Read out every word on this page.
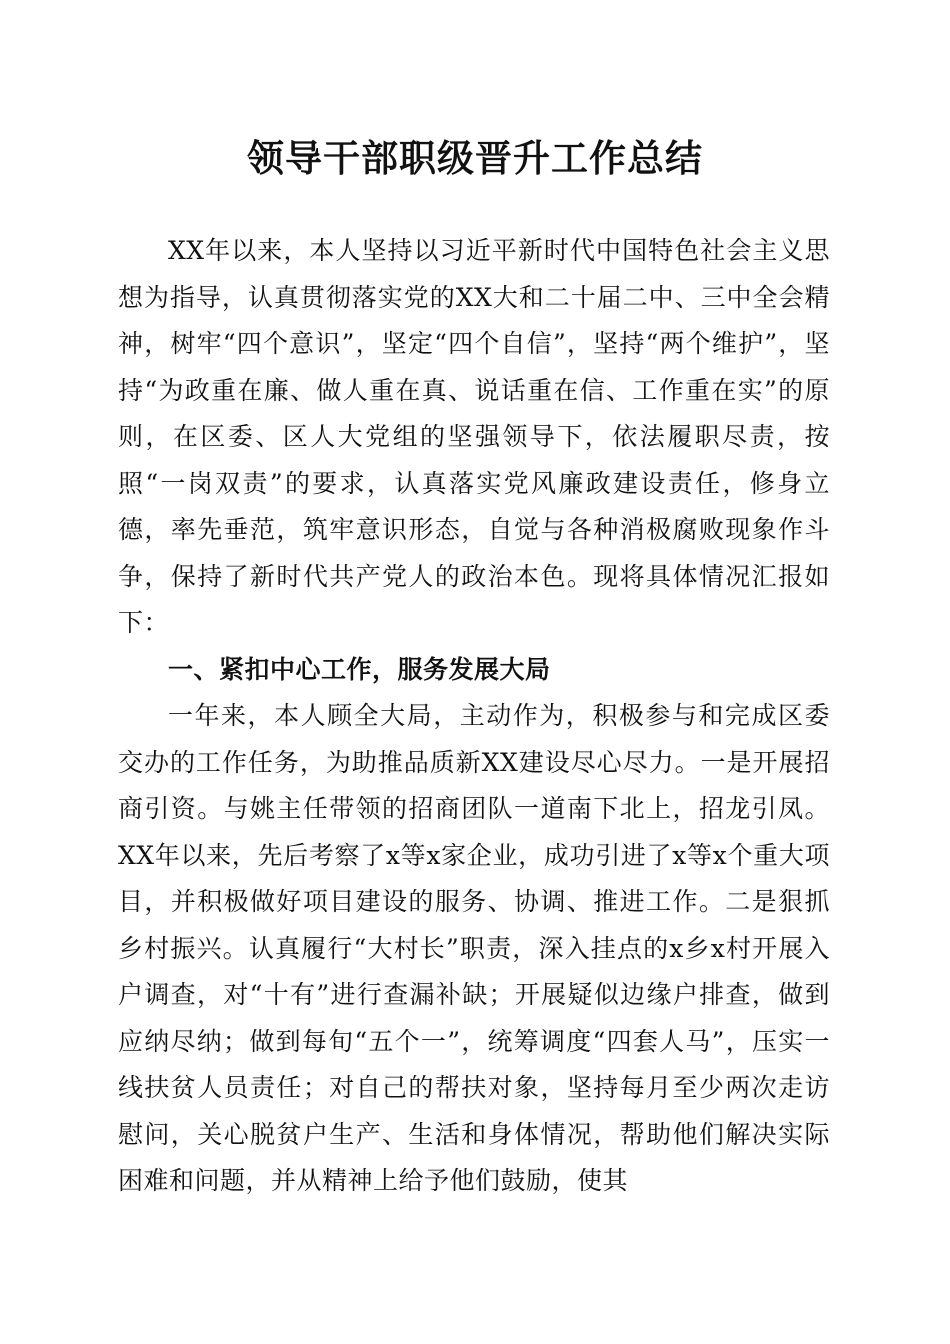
领导干部职级晋升工作总结

XX年以来，本人坚持以习近平新时代中国特色社会主义思想为指导，认真贯彻落实党的XX大和二十届二中、三中全会精神，树牢“四个意识”，坚定“四个自信”，坚持“两个维护”，坚持“为政重在廉、做人重在真、说话重在信、工作重在实”的原则，在区委、区人大党组的坚强领导下，依法履职尽责，按照“一岗双责”的要求，认真落实党风廉政建设责任，修身立德，率先垂范，筑牢意识形态，自觉与各种消极腐败现象作斗争，保持了新时代共产党人的政治本色。现将具体情况汇报如下：

一、紧扣中心工作，服务发展大局

一年来，本人顾全大局，主动作为，积极参与和完成区委交办的工作任务，为助推品质新XX建设尽心尽力。一是开展招商引资。与姚主任带领的招商团队一道南下北上，招龙引凤。XX年以来，先后考察了x等x家企业，成功引进了x等x个重大项目，并积极做好项目建设的服务、协调、推进工作。二是狠抓乡村振兴。认真履行“大村长”职责，深入挂点的x乡x村开展入户调查，对“十有”进行查漏补缺；开展疑似边缘户排查，做到应纳尽纳；做到每旬“五个一”，统筹调度“四套人马”，压实一线扶贫人员责任；对自己的帮扶对象，坚持每月至少两次走访慰问，关心脱贫户生产、生活和身体情况，帮助他们解决实际困难和问题，并从精神上给予他们鼓励，使其
